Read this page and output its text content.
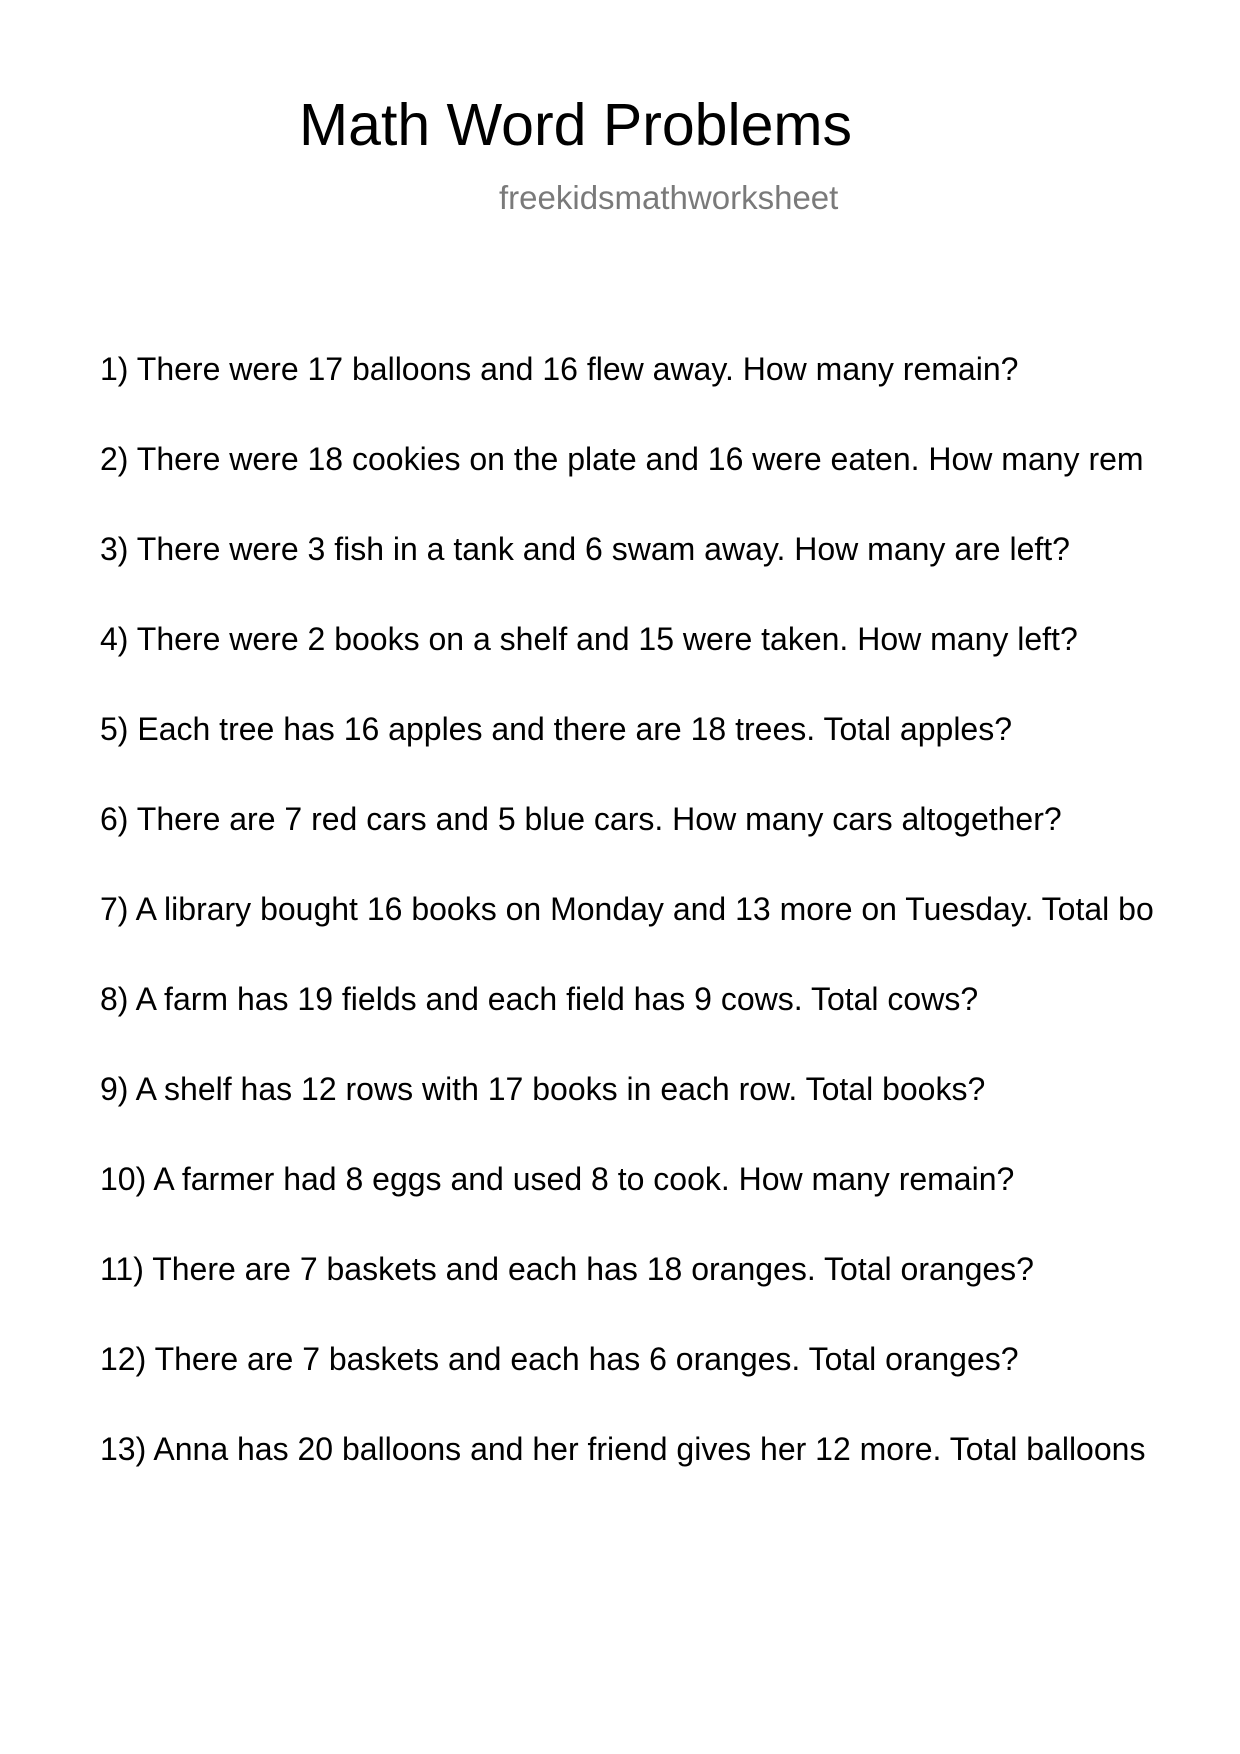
Math Word Problems
freekidsmathworksheet
1) There were 17 balloons and 16 flew away. How many remain?
2) There were 18 cookies on the plate and 16 were eaten. How many rem
3) There were 3 fish in a tank and 6 swam away. How many are left?
4) There were 2 books on a shelf and 15 were taken. How many left?
5) Each tree has 16 apples and there are 18 trees. Total apples?
6) There are 7 red cars and 5 blue cars. How many cars altogether?
7) A library bought 16 books on Monday and 13 more on Tuesday. Total bo
8) A farm has 19 fields and each field has 9 cows. Total cows?
9) A shelf has 12 rows with 17 books in each row. Total books?
10) A farmer had 8 eggs and used 8 to cook. How many remain?
11) There are 7 baskets and each has 18 oranges. Total oranges?
12) There are 7 baskets and each has 6 oranges. Total oranges?
13) Anna has 20 balloons and her friend gives her 12 more. Total balloons
